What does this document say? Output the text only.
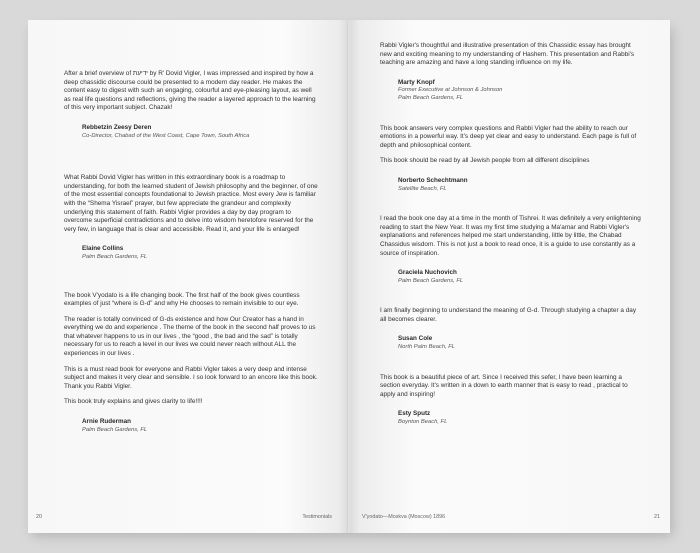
After a brief overview of ידיעת by R' Dovid Vigler, I was impressed and inspired by how a deep chassidic discourse could be presented to a modern day reader. He makes the content easy to digest with such an engaging, colourful and eye-pleasing layout, as well as real life questions and reflections, giving the reader a layered approach to the learning of this very important subject. Chazak!

Rebbetzin Zeesy Deren
Co-Director, Chabad of the West Coast, Cape Town, South Africa

What Rabbi Dovid Vigler has written in this extraordinary book is a roadmap to understanding, for both the learned student of Jewish philosophy and the beginner, of one of the most essential concepts foundational to Jewish practice. Most every Jew is familiar with the “Shema Yisrael” prayer, but few appreciate the grandeur and complexity underlying this statement of faith. Rabbi Vigler provides a day by day program to overcome superficial contradictions and to delve into wisdom heretofore reserved for the very few, in language that is clear and accessible. Read it, and your life is enlarged!

Elaine Collins
Palm Beach Gardens, FL

The book V'yodato is a life changing book. The first half of the book gives countless examples of just “where is G-d” and why He chooses to remain invisible to our eye.

The reader is totally convinced of G-ds existence and how Our Creator has a hand in everything we do and experience . The theme of the book in the second half proves to us that whatever happens to us in our lives , the “good , the bad and the sad” is totally necessary for us to reach a level in our lives we could never reach without ALL the experiences in our lives .

This is a must read book for everyone and Rabbi Vigler takes a very deep and intense subject and makes it very clear and sensible. I so look forward to an encore like this book. Thank you Rabbi Vigler.

This book truly explains and gives clarity to life!!!!

Arnie Ruderman
Palm Beach Gardens, FL
20	Testimonials

Rabbi Vigler's thoughtful and illustrative presentation of this Chassidic essay has brought new and exciting meaning to my understanding of Hashem. This presentation and Rabbi's teaching are amazing and have a long standing influence on my life.

Marty Knopf
Former Executive at Johnson & Johnson
Palm Beach Gardens, FL

This book answers very complex questions and Rabbi Vigler had the ability to reach our emotions in a powerful way. It's deep yet clear and easy to understand. Each page is full of depth and philosophical content.

This book should be read by all Jewish people from all different disciplines

Norberto Schechtmann
Satellite Beach, FL

I read the book one day at a time in the month of Tishrei. It was definitely a very enlightening reading to start the New Year. It was my first time studying a Ma'amar and Rabbi Vigler's explanations and references helped me start understanding, little by little, the Chabad Chassidus wisdom. This is not just a book to read once, it is a guide to use constantly as a source of inspiration.

Graciela Nuchovich
Palm Beach Gardens, FL

I am finally beginning to understand the meaning of G-d. Through studying a chapter a day all becomes clearer.

Susan Cole
North Palm Beach, FL

This book is a beautiful piece of art. Since I received this sefer, I have been learning a section everyday. It's written in a down to earth manner that is easy to read , practical to apply and inspiring!

Esty Sputz
Boynton Beach, FL
V'yodato—Moskva (Moscow) 1896	21
